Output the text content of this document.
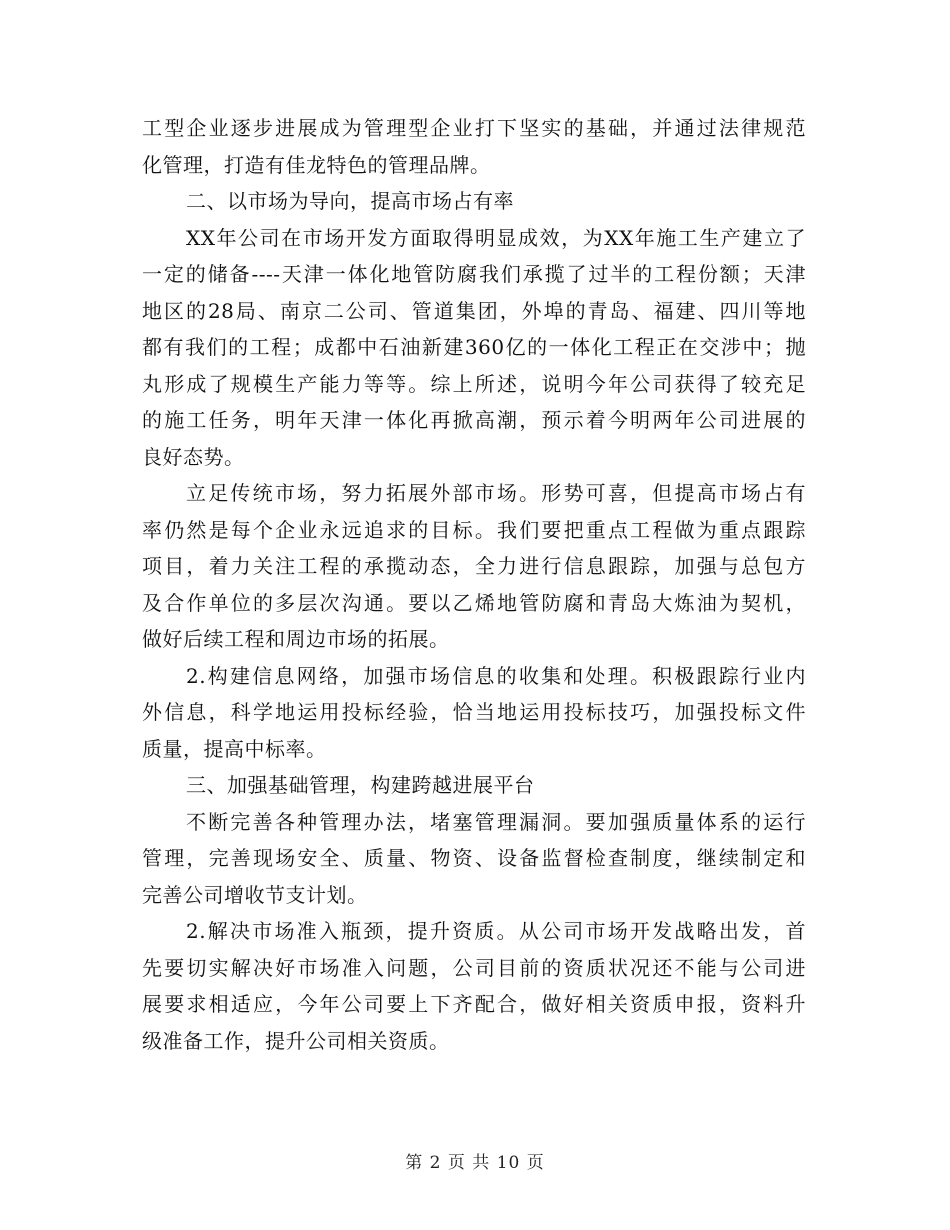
工型企业逐步进展成为管理型企业打下坚实的基础，并通过法律规范
化管理，打造有佳龙特色的管理品牌。
二、以市场为导向，提高市场占有率
XX年公司在市场开发方面取得明显成效，为XX年施工生产建立了
一定的储备----天津一体化地管防腐我们承揽了过半的工程份额；天津
地区的28局、南京二公司、管道集团，外埠的青岛、福建、四川等地
都有我们的工程；成都中石油新建360亿的一体化工程正在交涉中；抛
丸形成了规模生产能力等等。综上所述，说明今年公司获得了较充足
的施工任务，明年天津一体化再掀高潮，预示着今明两年公司进展的
良好态势。
立足传统市场，努力拓展外部市场。形势可喜，但提高市场占有
率仍然是每个企业永远追求的目标。我们要把重点工程做为重点跟踪
项目，着力关注工程的承揽动态，全力进行信息跟踪，加强与总包方
及合作单位的多层次沟通。要以乙烯地管防腐和青岛大炼油为契机，
做好后续工程和周边市场的拓展。
2.构建信息网络，加强市场信息的收集和处理。积极跟踪行业内
外信息，科学地运用投标经验，恰当地运用投标技巧，加强投标文件
质量，提高中标率。
三、加强基础管理，构建跨越进展平台
不断完善各种管理办法，堵塞管理漏洞。要加强质量体系的运行
管理，完善现场安全、质量、物资、设备监督检查制度，继续制定和
完善公司增收节支计划。
2.解决市场准入瓶颈，提升资质。从公司市场开发战略出发，首
先要切实解决好市场准入问题，公司目前的资质状况还不能与公司进
展要求相适应，今年公司要上下齐配合，做好相关资质申报，资料升
级准备工作，提升公司相关资质。
第 2 页 共 10 页
